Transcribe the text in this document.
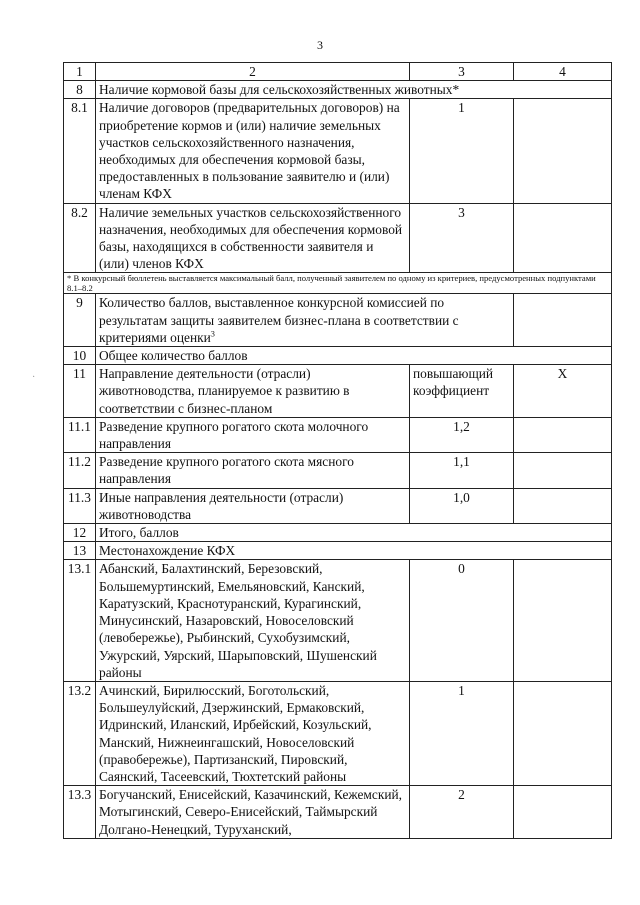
3
1	2	3	4
8	Наличие кормовой базы для сельскохозяйственных животных*		
8.1	Наличие договоров (предварительных договоров) на приобретение кормов и (или) наличие земельных участков сельскохозяйственного назначения, необходимых для обеспечения кормовой базы, предоставленных в пользование заявителю и (или) членам КФХ	1	
8.2	Наличие земельных участков сельскохозяйственного назначения, необходимых для обеспечения кормовой базы, находящихся в собственности заявителя и (или) членов КФХ	3	
* В конкурсный бюллетень выставляется максимальный балл, полученный заявителем по одному из критериев, предусмотренных подпунктами 8.1–8.2			
9	Количество баллов, выставленное конкурсной комиссией по результатам защиты заявителем бизнес-плана в соответствии с критериями оценки$^3$	
10	Общее количество баллов		
11	Направление деятельности (отрасли) животноводства, планируемое к развитию в соответствии с бизнес-планом	повышающий коэффициент	Х
11.1	Разведение крупного рогатого скота молочного направления	1,2	
11.2	Разведение крупного рогатого скота мясного направления	1,1	
11.3	Иные направления деятельности (отрасли) животноводства	1,0	
12	Итого, баллов		
13	Местонахождение КФХ		
13.1	Абанский, Балахтинский, Березовский, Большемуртинский, Емельяновский, Канский, Каратузский, Краснотуранский, Курагинский, Минусинский, Назаровский, Новоселовский (левобережье), Рыбинский, Сухобузимский, Ужурский, Уярский, Шарыповский, Шушенский районы	0	
13.2	Ачинский, Бирилюсский, Боготольский, Большеулуйский, Дзержинский, Ермаковский, Идринский, Иланский, Ирбейский, Козульский, Манский, Нижнеингашский, Новоселовский (правобережье), Партизанский, Пировский, Саянский, Тасеевский, Тюхтетский районы	1	
13.3	Богучанский, Енисейский, Казачинский, Кежемский, Мотыгинский, Северо-Енисейский, Таймырский Долгано-Ненецкий, Туруханский,	2	
·
